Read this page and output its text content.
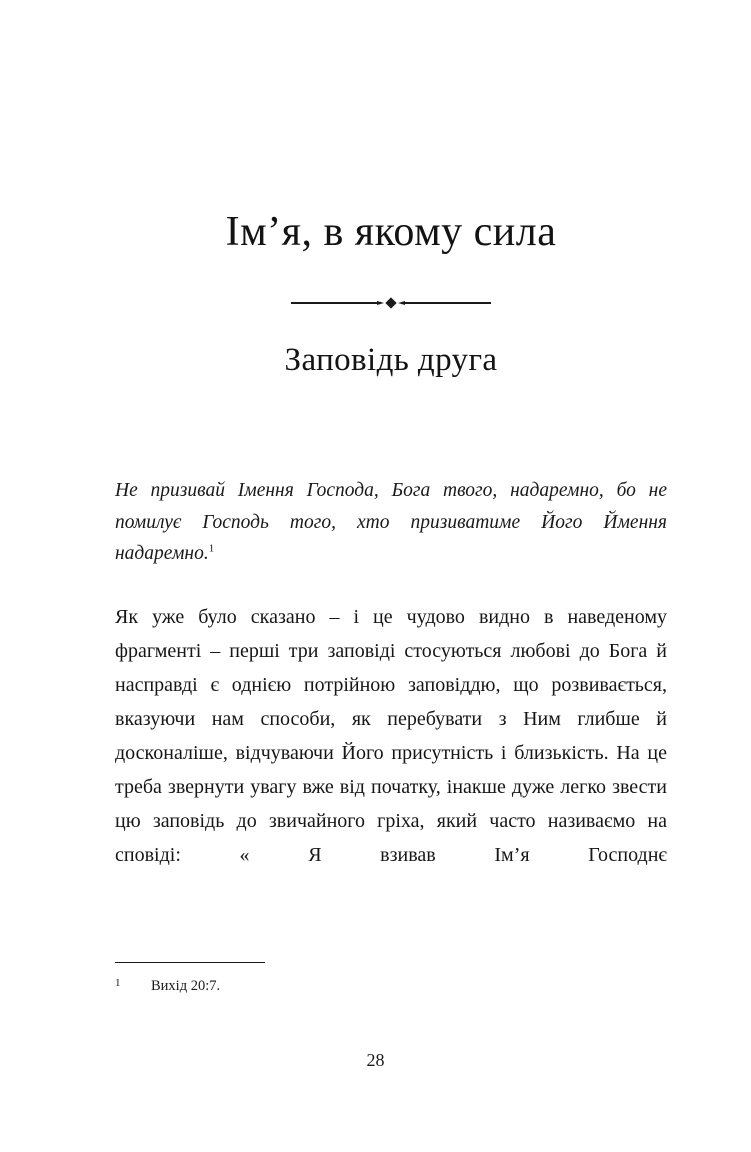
Ім’я, в якому сила
Заповідь друга

Не призивай Імення Господа, Бога твого, надаремно, бо не помилує Господь того, хто призиватиме Його Ймення надаремно.$^1$

Як уже було сказано – і це чудово видно в наведеному фрагменті – перші три заповіді стосуються любові до Бога й насправді є однією потрійною заповіддю, що розвивається, вказуючи нам способи, як перебувати з Ним глибше й досконаліше, відчуваючи Його присутність і близькість. На це треба звернути увагу вже від початку, інакше дуже легко звести цю заповідь до звичайного гріха, який часто називаємо на сповіді: « Я взивав Ім’я Господнє

1 Вихід 20:7.
28
